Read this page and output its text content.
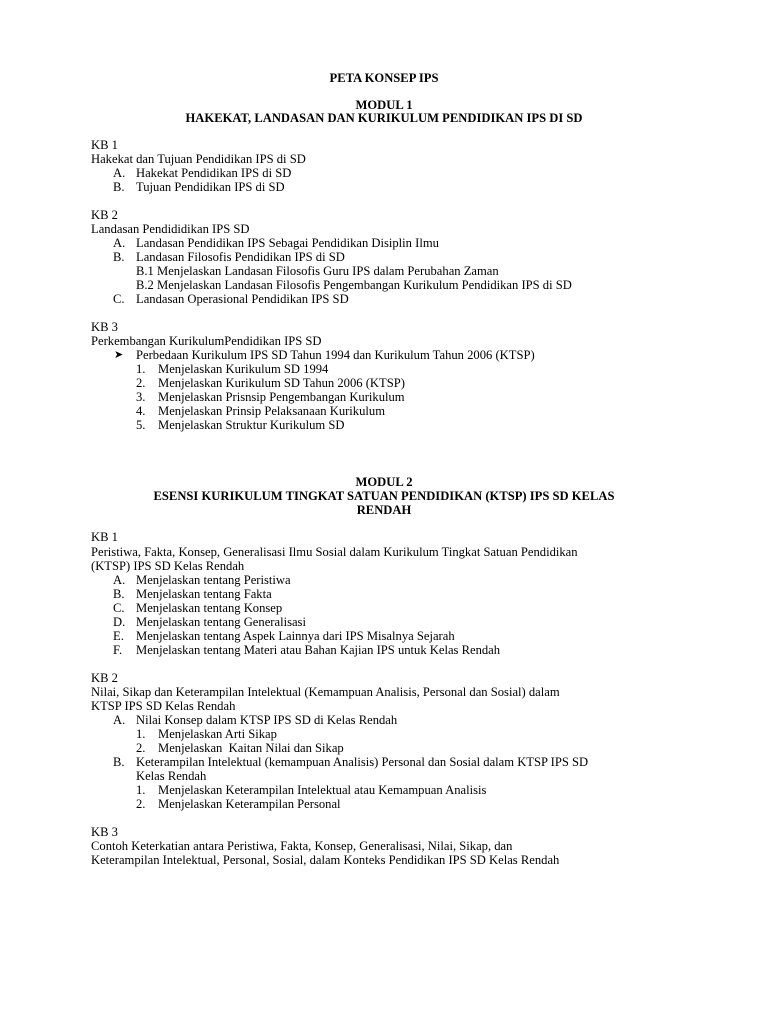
PETA KONSEP IPS
MODUL 1
HAKEKAT, LANDASAN DAN KURIKULUM PENDIDIKAN IPS DI SD
KB 1
Hakekat dan Tujuan Pendidikan IPS di SD
A. Hakekat Pendidikan IPS di SD
B. Tujuan Pendidikan IPS di SD
KB 2
Landasan Pendididikan IPS SD
A. Landasan Pendidikan IPS Sebagai Pendidikan Disiplin Ilmu
B. Landasan Filosofis Pendidikan IPS di SD
B.1 Menjelaskan Landasan Filosofis Guru IPS dalam Perubahan Zaman
B.2 Menjelaskan Landasan Filosofis Pengembangan Kurikulum Pendidikan IPS di SD
C. Landasan Operasional Pendidikan IPS SD
KB 3
Perkembangan KurikulumPendidikan IPS SD
➤ Perbedaan Kurikulum IPS SD Tahun 1994 dan Kurikulum Tahun 2006 (KTSP)
1. Menjelaskan Kurikulum SD 1994
2. Menjelaskan Kurikulum SD Tahun 2006 (KTSP)
3. Menjelaskan Prisnsip Pengembangan Kurikulum
4. Menjelaskan Prinsip Pelaksanaan Kurikulum
5. Menjelaskan Struktur Kurikulum SD
MODUL 2
ESENSI KURIKULUM TINGKAT SATUAN PENDIDIKAN (KTSP) IPS SD KELAS
RENDAH
KB 1
Peristiwa, Fakta, Konsep, Generalisasi Ilmu Sosial dalam Kurikulum Tingkat Satuan Pendidikan
(KTSP) IPS SD Kelas Rendah
A. Menjelaskan tentang Peristiwa
B. Menjelaskan tentang Fakta
C. Menjelaskan tentang Konsep
D. Menjelaskan tentang Generalisasi
E. Menjelaskan tentang Aspek Lainnya dari IPS Misalnya Sejarah
F. Menjelaskan tentang Materi atau Bahan Kajian IPS untuk Kelas Rendah
KB 2
Nilai, Sikap dan Keterampilan Intelektual (Kemampuan Analisis, Personal dan Sosial) dalam
KTSP IPS SD Kelas Rendah
A. Nilai Konsep dalam KTSP IPS SD di Kelas Rendah
1. Menjelaskan Arti Sikap
2. Menjelaskan  Kaitan Nilai dan Sikap
B. Keterampilan Intelektual (kemampuan Analisis) Personal dan Sosial dalam KTSP IPS SD
Kelas Rendah
1. Menjelaskan Keterampilan Intelektual atau Kemampuan Analisis
2. Menjelaskan Keterampilan Personal
KB 3
Contoh Keterkatian antara Peristiwa, Fakta, Konsep, Generalisasi, Nilai, Sikap, dan
Keterampilan Intelektual, Personal, Sosial, dalam Konteks Pendidikan IPS SD Kelas Rendah
